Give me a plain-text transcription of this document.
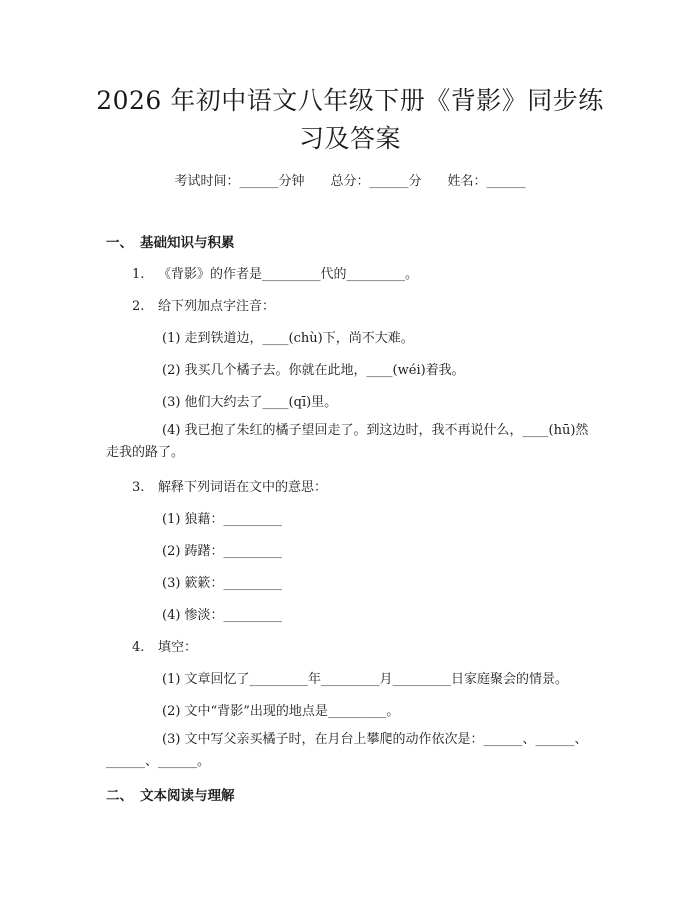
2026 年初中语文八年级下册《背影》同步练
习及答案
考试时间：______分钟 总分：______分 姓名：______
一、 基础知识与积累
1. 《背影》的作者是_________代的_________。
2. 给下列加点字注音：
(1) 走到铁道边，____(chù)下，尚不大难。
(2) 我买几个橘子去。你就在此地，____(wéi)着我。
(3) 他们大约去了____(qī)里。
(4) 我已抱了朱红的橘子望回走了。到这边时，我不再说什么，____(hū)然走我的路了。
3. 解释下列词语在文中的意思：
(1) 狼藉：_________
(2) 踌躇：_________
(3) 簌簌：_________
(4) 惨淡：_________
4. 填空：
(1) 文章回忆了_________年_________月_________日家庭聚会的情景。
(2) 文中“背影”出现的地点是_________。
(3) 文中写父亲买橘子时，在月台上攀爬的动作依次是：______、______、______、______。
二、 文本阅读与理解
